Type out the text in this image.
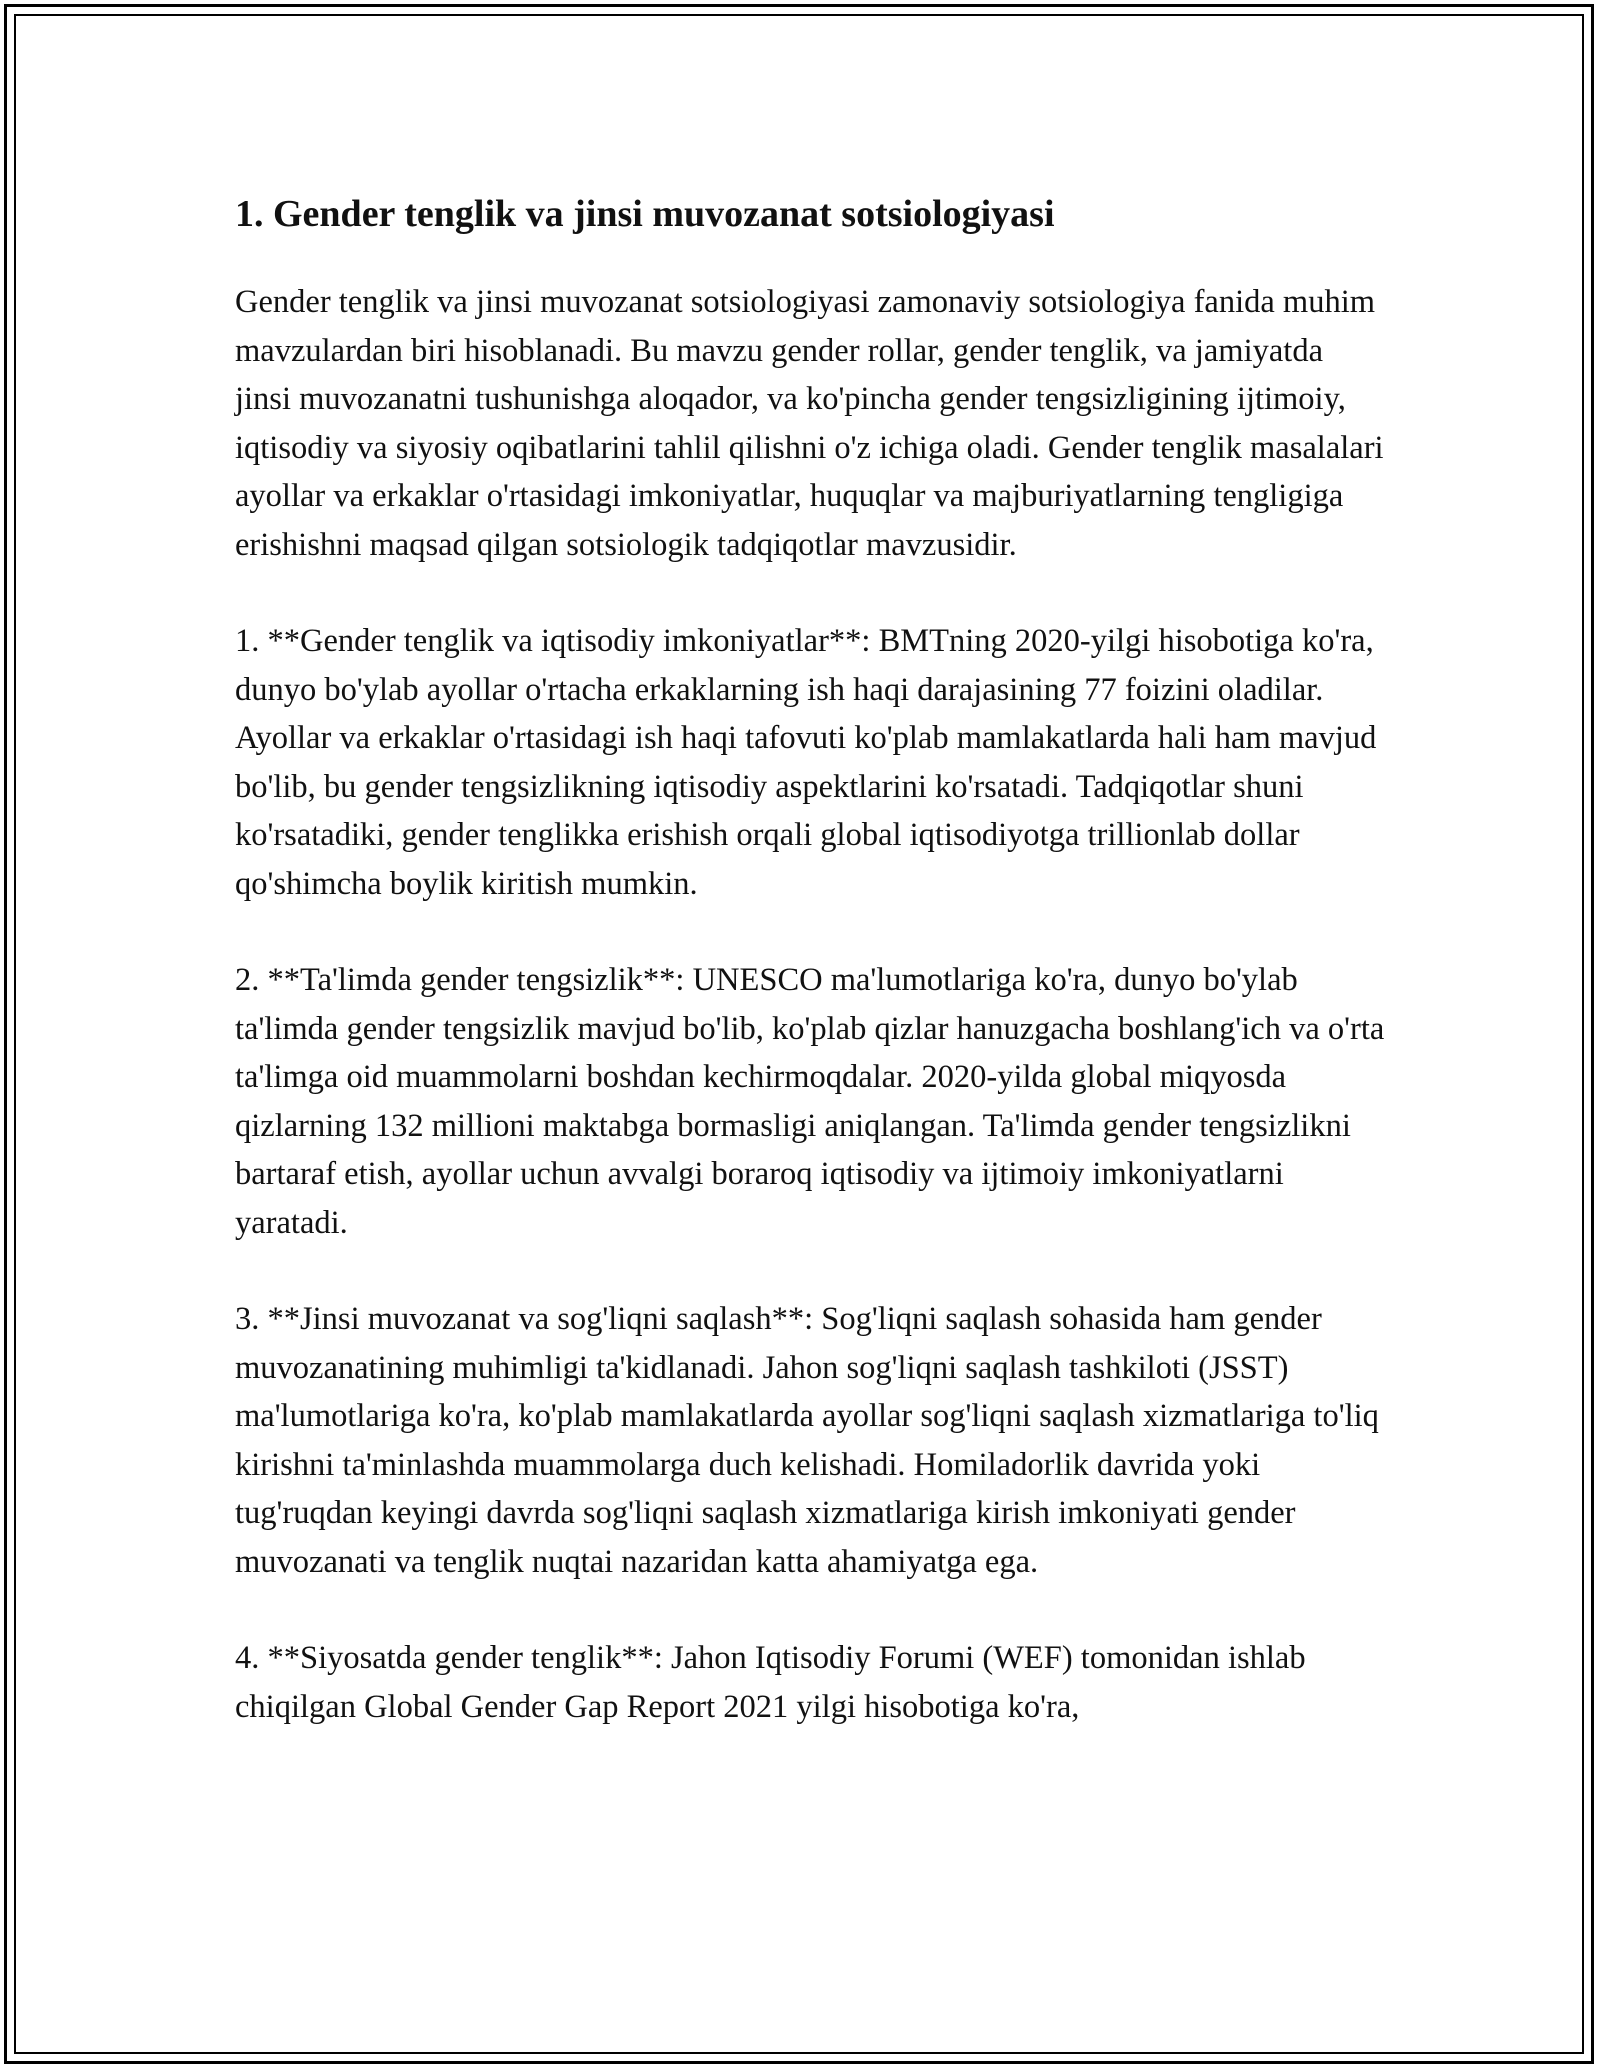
1. Gender tenglik va jinsi muvozanat sotsiologiyasi

Gender tenglik va jinsi muvozanat sotsiologiyasi zamonaviy sotsiologiya fanida muhim mavzulardan biri hisoblanadi. Bu mavzu gender rollar, gender tenglik, va jamiyatda jinsi muvozanatni tushunishga aloqador, va ko'pincha gender tengsizligining ijtimoiy, iqtisodiy va siyosiy oqibatlarini tahlil qilishni o'z ichiga oladi. Gender tenglik masalalari ayollar va erkaklar o'rtasidagi imkoniyatlar, huquqlar va majburiyatlarning tengligiga erishishni maqsad qilgan sotsiologik tadqiqotlar mavzusidir.

1. **Gender tenglik va iqtisodiy imkoniyatlar**: BMTning 2020-yilgi hisobotiga ko'ra, dunyo bo'ylab ayollar o'rtacha erkaklarning ish haqi darajasining 77 foizini oladilar. Ayollar va erkaklar o'rtasidagi ish haqi tafovuti ko'plab mamlakatlarda hali ham mavjud bo'lib, bu gender tengsizlikning iqtisodiy aspektlarini ko'rsatadi. Tadqiqotlar shuni ko'rsatadiki, gender tenglikka erishish orqali global iqtisodiyotga trillionlab dollar qo'shimcha boylik kiritish mumkin.

2. **Ta'limda gender tengsizlik**: UNESCO ma'lumotlariga ko'ra, dunyo bo'ylab ta'limda gender tengsizlik mavjud bo'lib, ko'plab qizlar hanuzgacha boshlang'ich va o'rta ta'limga oid muammolarni boshdan kechirmoqdalar. 2020-yilda global miqyosda qizlarning 132 millioni maktabga bormasligi aniqlangan. Ta'limda gender tengsizlikni bartaraf etish, ayollar uchun avvalgi boraroq iqtisodiy va ijtimoiy imkoniyatlarni yaratadi.

3. **Jinsi muvozanat va sog'liqni saqlash**: Sog'liqni saqlash sohasida ham gender muvozanatining muhimligi ta'kidlanadi. Jahon sog'liqni saqlash tashkiloti (JSST) ma'lumotlariga ko'ra, ko'plab mamlakatlarda ayollar sog'liqni saqlash xizmatlariga to'liq kirishni ta'minlashda muammolarga duch kelishadi. Homiladorlik davrida yoki tug'ruqdan keyingi davrda sog'liqni saqlash xizmatlariga kirish imkoniyati gender muvozanati va tenglik nuqtai nazaridan katta ahamiyatga ega.

4. **Siyosatda gender tenglik**: Jahon Iqtisodiy Forumi (WEF) tomonidan ishlab chiqilgan Global Gender Gap Report 2021 yilgi hisobotiga ko'ra,
